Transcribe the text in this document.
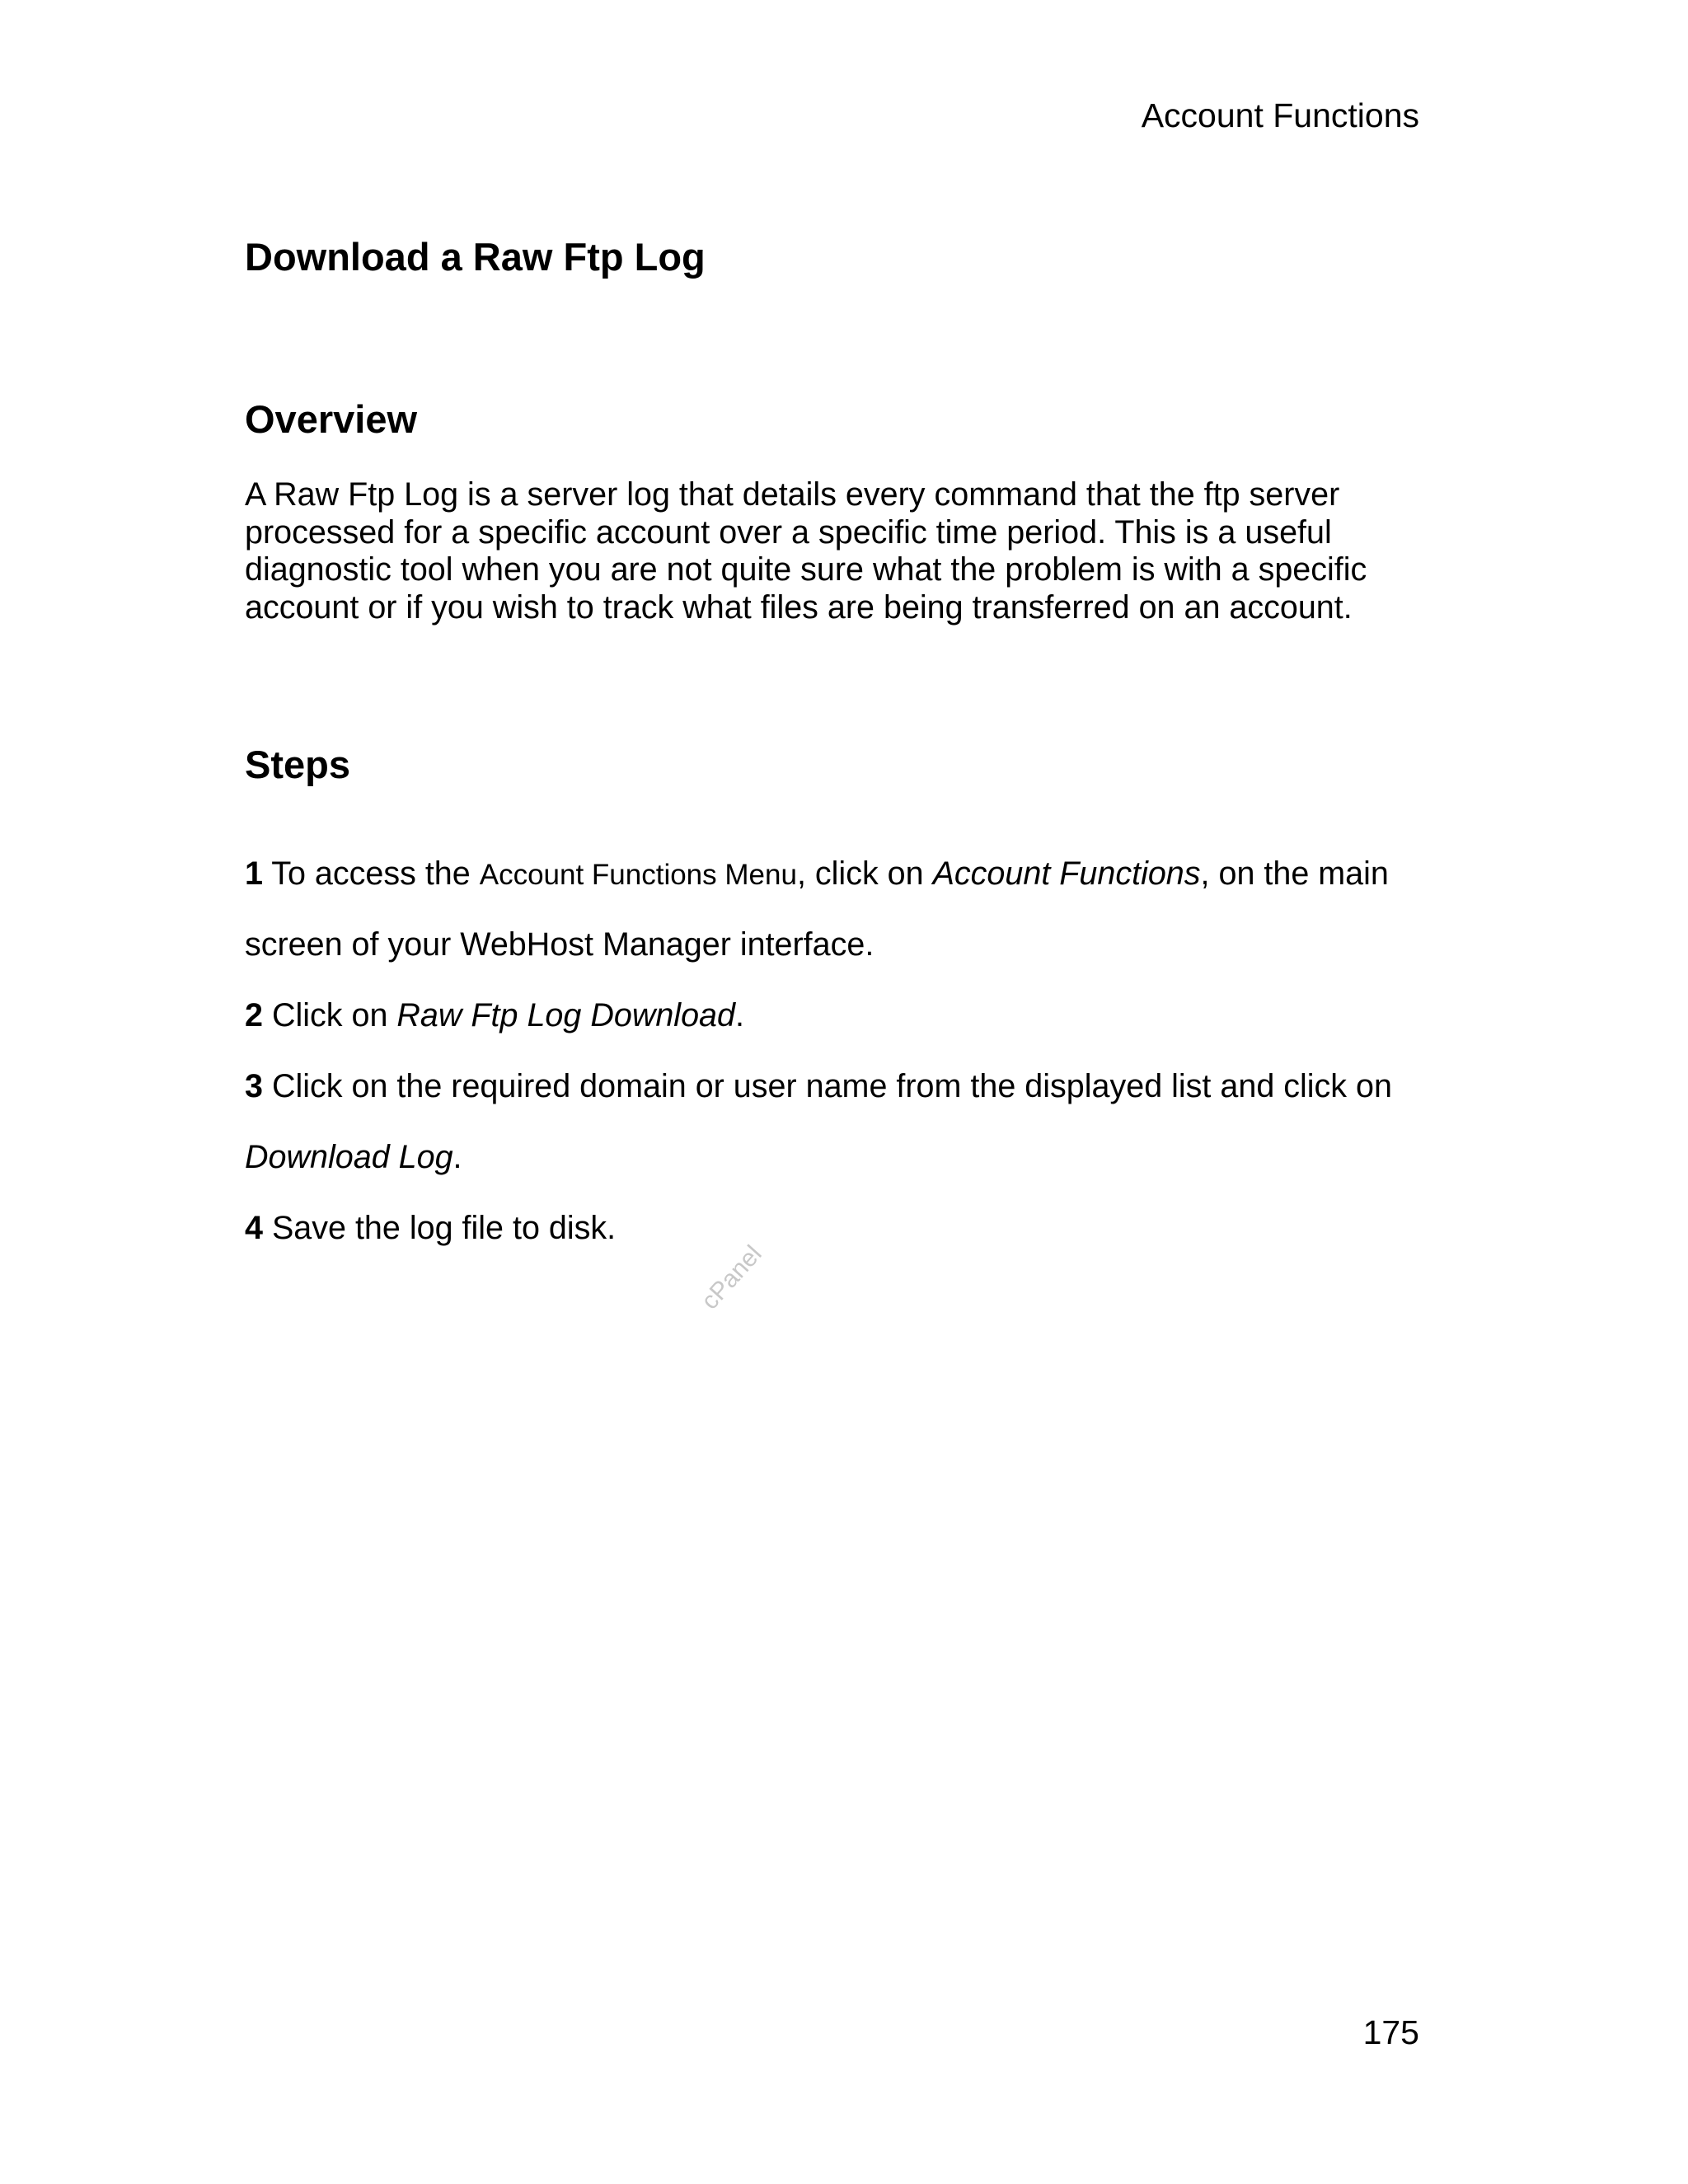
Account Functions
Download a Raw Ftp Log
Overview

A Raw Ftp Log is a server log that details every command that the ftp server
processed for a specific account over a specific time period. This is a useful
diagnostic tool when you are not quite sure what the problem is with a specific
account or if you wish to track what files are being transferred on an account.

Steps

1 To access the Account Functions Menu, click on Account Functions, on the main

screen of your WebHost Manager interface.

2 Click on Raw Ftp Log Download.

3 Click on the required domain or user name from the displayed list and click on

Download Log.

4 Save the log file to disk.

cPanel
175
